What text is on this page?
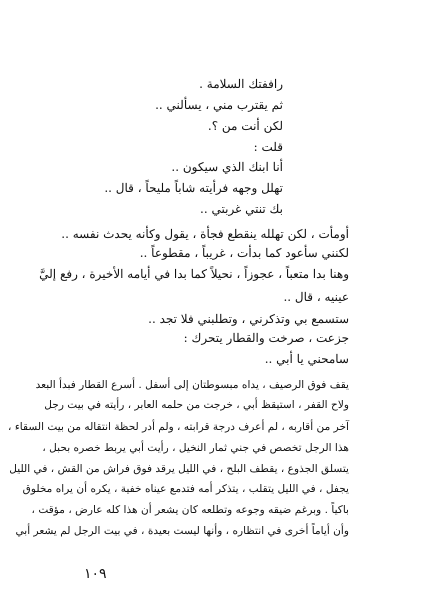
راففتك السلامة .
ثم يقترب مني ، يسألني ..
لكن أنت من ؟.
قلت :
أنا ابنك الذي سيكون ..
تهلل وجهه فرأيته شاباً مليحاً ، قال ..
بك تنتي غربتي ..
أومأت ، لكن تهلله ينقطع فجأة ، يقول وكأنه يحدث نفسه ..
لكنني سأعود كما بدأت ، غريباً ، مقطوعاً ..
وهنا بدا متعباً ، عجوزاً ، نحيلاً كما بدا في أيامه الأخيرة ، رفع إليَّ
عينيه ، قال ..
ستسمع بي وتذكرني ، وتطلبني فلا تجد ..
جزعت ، صرخت والقطار يتحرك :
سامحني يا أبي ..
يقف فوق الرصيف ، يداه مبسوطتان إلى أسفل . أسرع القطار فبدأ البعد
ولاح القفر ، استيقظ أبي ، خرجت من حلمه العابر ، رأيته في بيت رجل
آخر من أقاربه ، لم أعرف درجة قرابته ، ولم أدر لحظة انتقاله من بيت السقاء ،
هذا الرجل تخصص في جني ثمار النخيل ، رأيت أبي يربط خصره بحبل ،
يتسلق الجذوع ، يقطف البلح ، في الليل يرقد فوق فراش من القش ، في الليل
يجفل ، في الليل يتقلب ، يتذكر أمه فتدمع عيناه خفية ، يكره أن يراه مخلوق
باكياً . وبرغم ضيقه وجوعه وتطلعه كان يشعر أن هذا كله عارض ، مؤقت ،
وأن أياماً أخرى في انتظاره ، وأنها ليست بعيدة ، في بيت الرجل لم يشعر أبي
١٠٩
